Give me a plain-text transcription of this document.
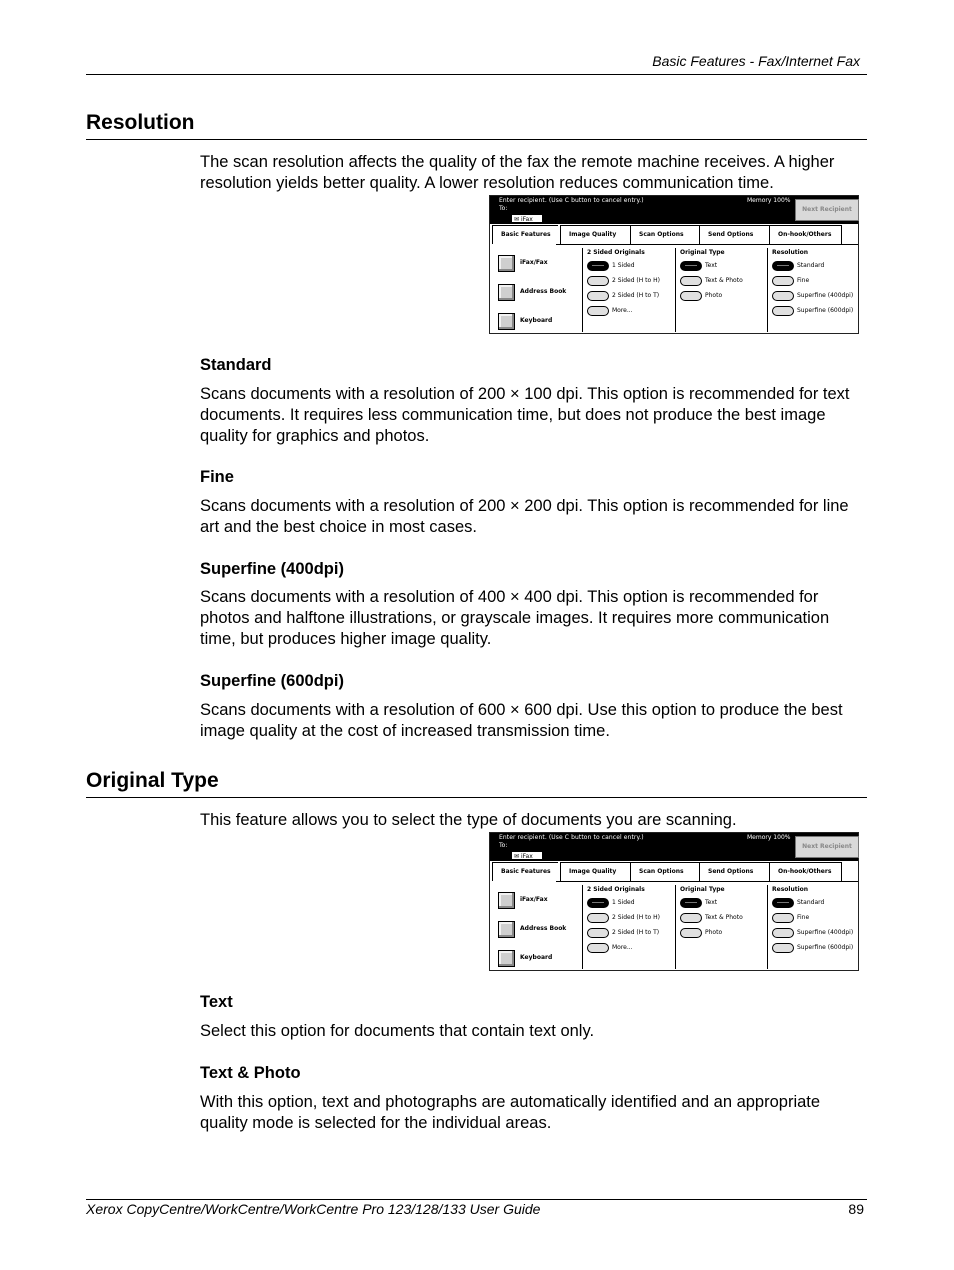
Basic Features - Fax/Internet Fax
Resolution
The scan resolution affects the quality of the fax the remote machine receives. A higher resolution yields better quality. A lower resolution reduces communication time.
Enter recipient. (Use C button to cancel entry.)
To:
Memory 100%
✉ iFax
Next Recipient
Basic Features	Image Quality	Scan Options	Send Options	On-hook/Others
iFax/Fax
Address Book
Keyboard
2 Sided Originals
1 Sided
2 Sided (H to H)
2 Sided (H to T)
More...
Original Type
Text
Text & Photo
Photo
Resolution
Standard
Fine
Superfine (400dpi)
Superfine (600dpi)
Standard
Scans documents with a resolution of 200 × 100 dpi. This option is recommended for text documents. It requires less communication time, but does not produce the best image quality for graphics and photos.
Fine
Scans documents with a resolution of 200 × 200 dpi. This option is recommended for line art and the best choice in most cases.
Superfine (400dpi)
Scans documents with a resolution of 400 × 400 dpi. This option is recommended for photos and halftone illustrations, or grayscale images. It requires more communication time, but produces higher image quality.
Superfine (600dpi)
Scans documents with a resolution of 600 × 600 dpi. Use this option to produce the best image quality at the cost of increased transmission time.
Original Type
This feature allows you to select the type of documents you are scanning.
Enter recipient. (Use C button to cancel entry.)
To:
Memory 100%
✉ iFax
Next Recipient
Basic Features	Image Quality	Scan Options	Send Options	On-hook/Others
iFax/Fax
Address Book
Keyboard
2 Sided Originals
1 Sided
2 Sided (H to H)
2 Sided (H to T)
More...
Original Type
Text
Text & Photo
Photo
Resolution
Standard
Fine
Superfine (400dpi)
Superfine (600dpi)
Text
Select this option for documents that contain text only.
Text & Photo
With this option, text and photographs are automatically identified and an appropriate quality mode is selected for the individual areas.
Xerox CopyCentre/WorkCentre/WorkCentre Pro 123/128/133 User Guide	89
